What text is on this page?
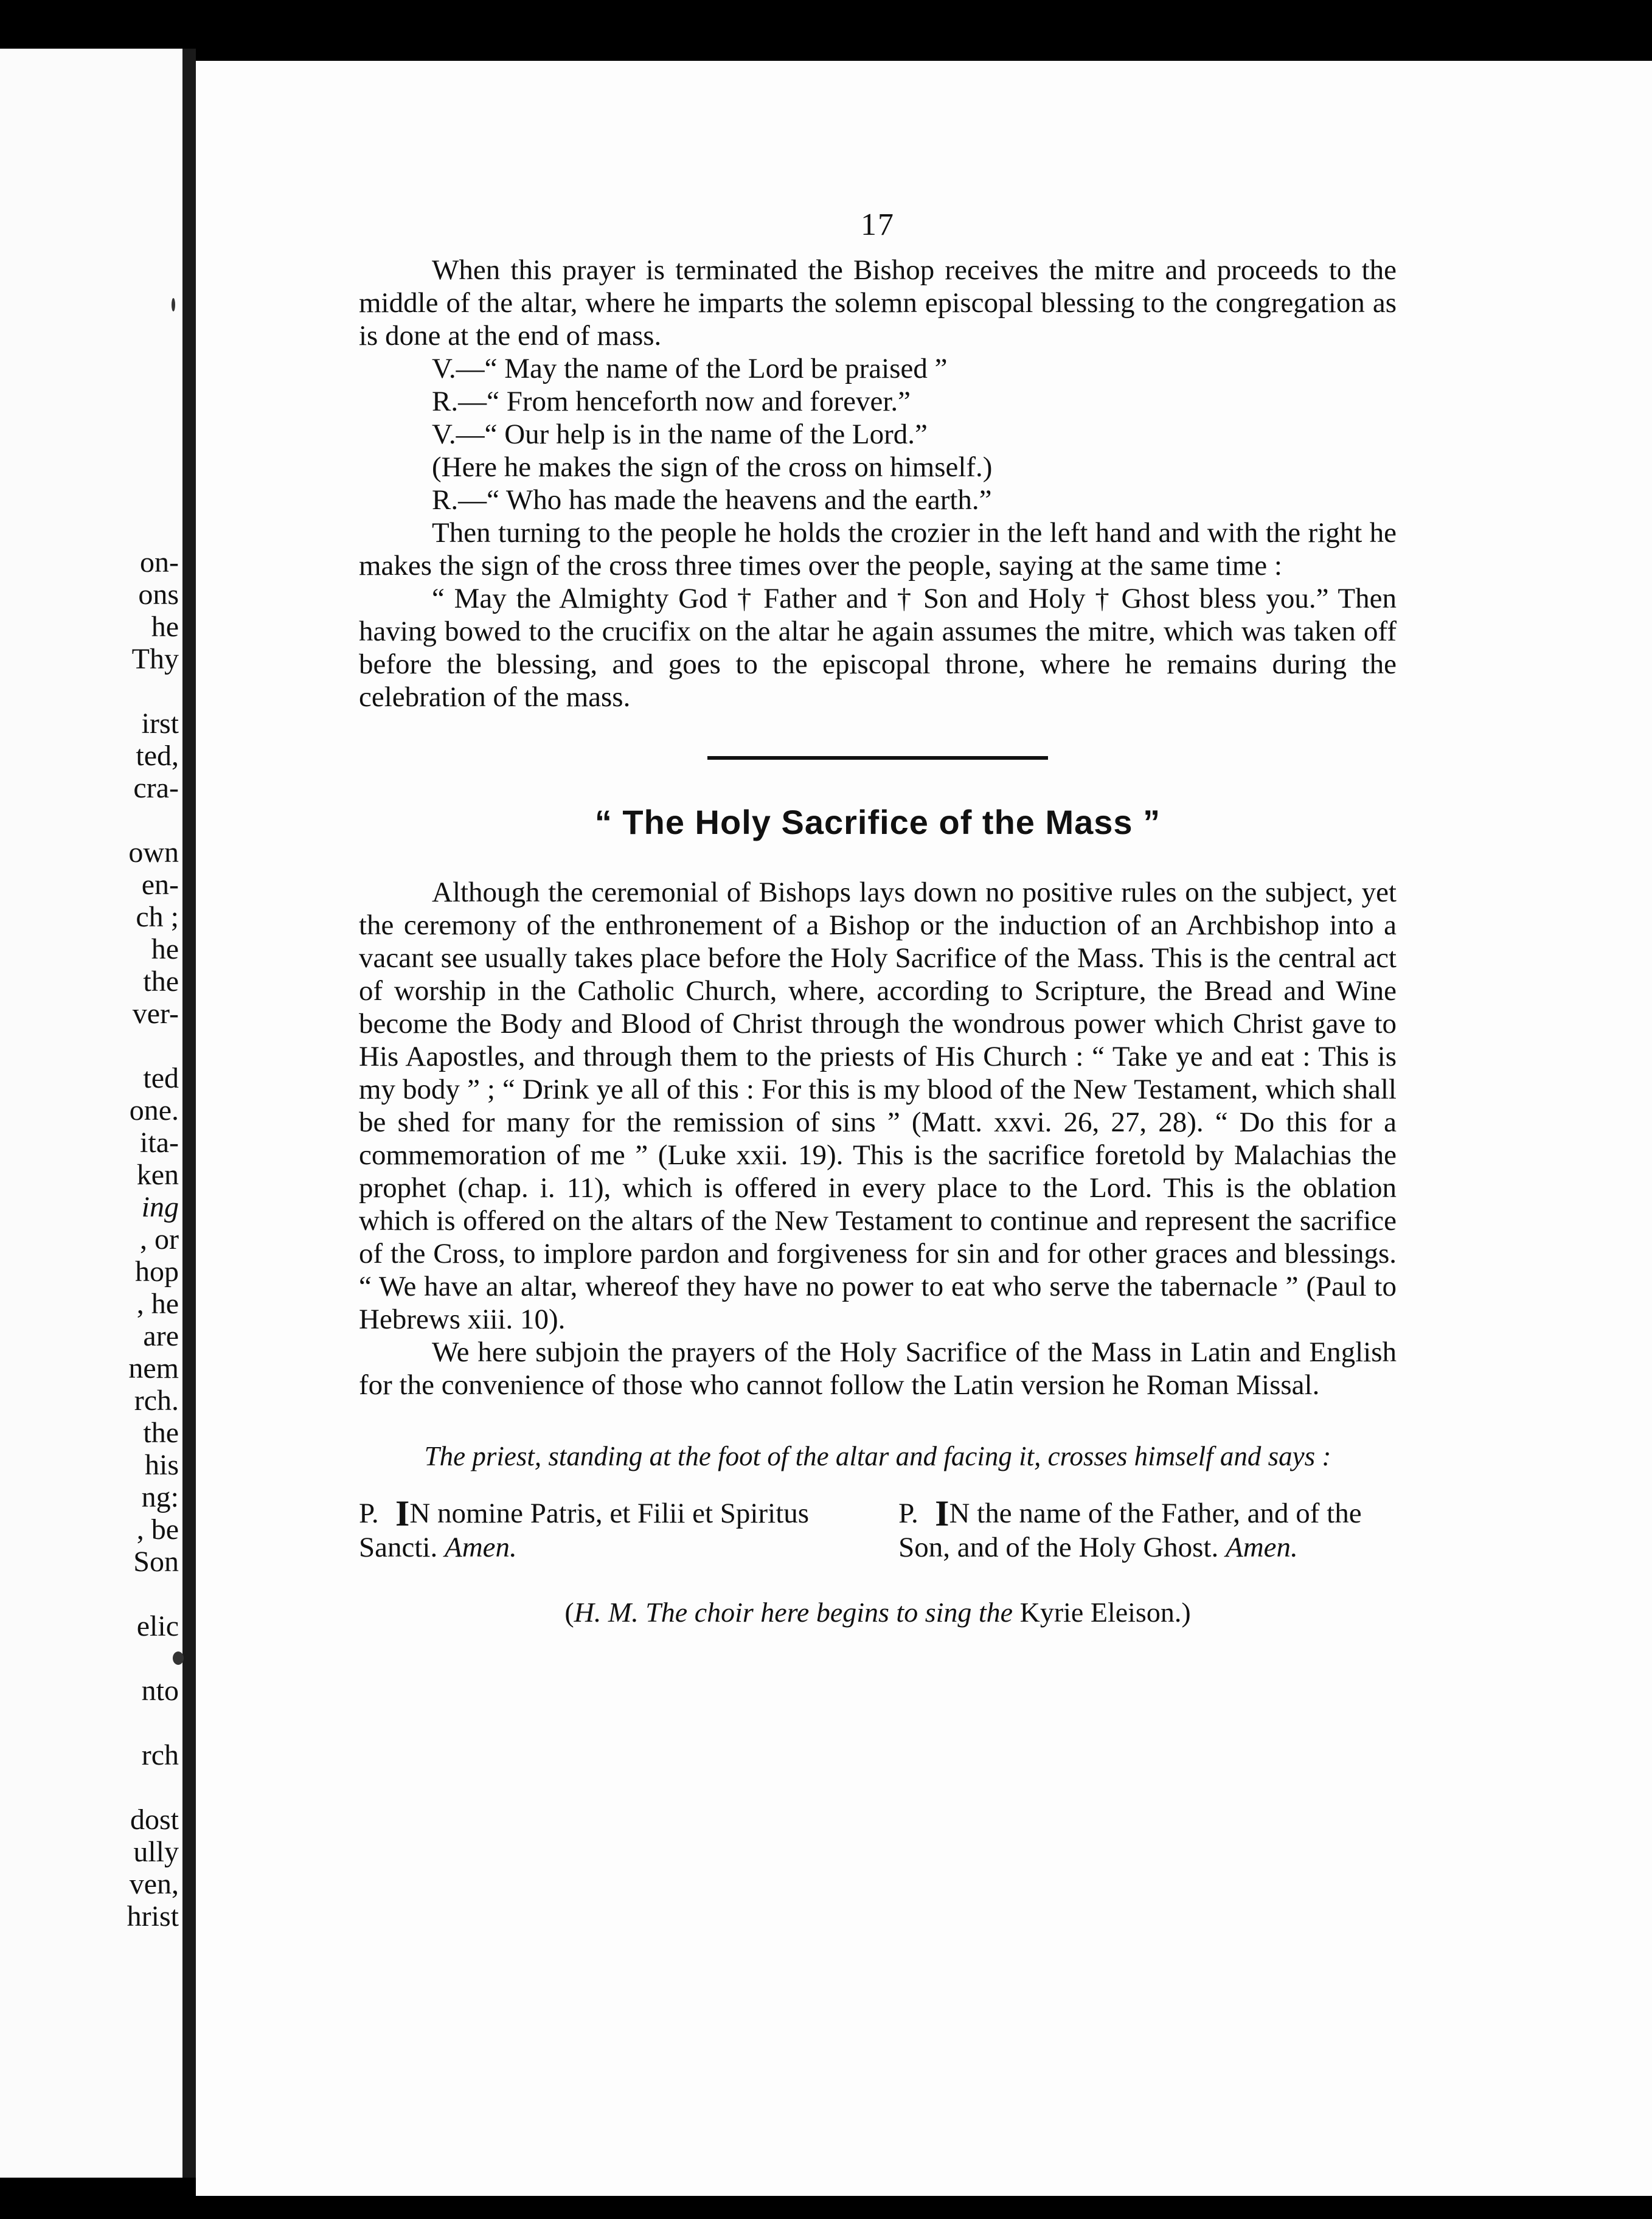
on-

ons

he

Thy

irst

ted,

cra-

own

en-

ch ;

he

the

ver-

ted

one.

ita-

ken

ing

, or

hop

, he

are

nem

rch.

the

his

ng:

, be

Son

elic

nto

rch

dost

ully

ven,

hrist

17

When this prayer is terminated the Bishop receives the mitre and proceeds to the middle of the altar, where he imparts the solemn episcopal blessing to the congregation as is done at the end of mass.

V.—“ May the name of the Lord be praised ”

R.—“ From henceforth now and forever.”

V.—“ Our help is in the name of the Lord.”

(Here he makes the sign of the cross on himself.)

R.—“ Who has made the heavens and the earth.”

Then turning to the people he holds the crozier in the left hand and with the right he makes the sign of the cross three times over the people, saying at the same time :

“ May the Almighty God † Father and † Son and Holy † Ghost bless you.” Then having bowed to the crucifix on the altar he again assumes the mitre, which was taken off before the blessing, and goes to the episcopal throne, where he remains during the celebration of the mass.

“ The Holy Sacrifice of the Mass ”

Although the ceremonial of Bishops lays down no positive rules on the subject, yet the ceremony of the enthronement of a Bishop or the induction of an Archbishop into a vacant see usually takes place before the Holy Sacrifice of the Mass. This is the central act of worship in the Catholic Church, where, according to Scripture, the Bread and Wine become the Body and Blood of Christ through the wondrous power which Christ gave to His Aapostles, and through them to the priests of His Church : “ Take ye and eat : This is my body ” ; “ Drink ye all of this : For this is my blood of the New Testament, which shall be shed for many for the remission of sins ” (Matt. xxvi. 26, 27, 28). “ Do this for a commemoration of me ” (Luke xxii. 19). This is the sacrifice foretold by Malachias the prophet (chap. i. 11), which is offered in every place to the Lord. This is the oblation which is offered on the altars of the New Testament to continue and represent the sacrifice of the Cross, to implore pardon and forgiveness for sin and for other graces and blessings. “ We have an altar, whereof they have no power to eat who serve the tabernacle ” (Paul to Hebrews xiii. 10).

We here subjoin the prayers of the Holy Sacrifice of the Mass in Latin and English for the convenience of those who cannot follow the Latin version he Roman Missal.

The priest, standing at the foot of the altar and facing it, crosses himself and says :

P. IN nomine Patris, et Filii et Spiritus Sancti. Amen.
P. IN the name of the Father, and of the Son, and of the Holy Ghost. Amen.

(H. M. The choir here begins to sing the Kyrie Eleison.)
